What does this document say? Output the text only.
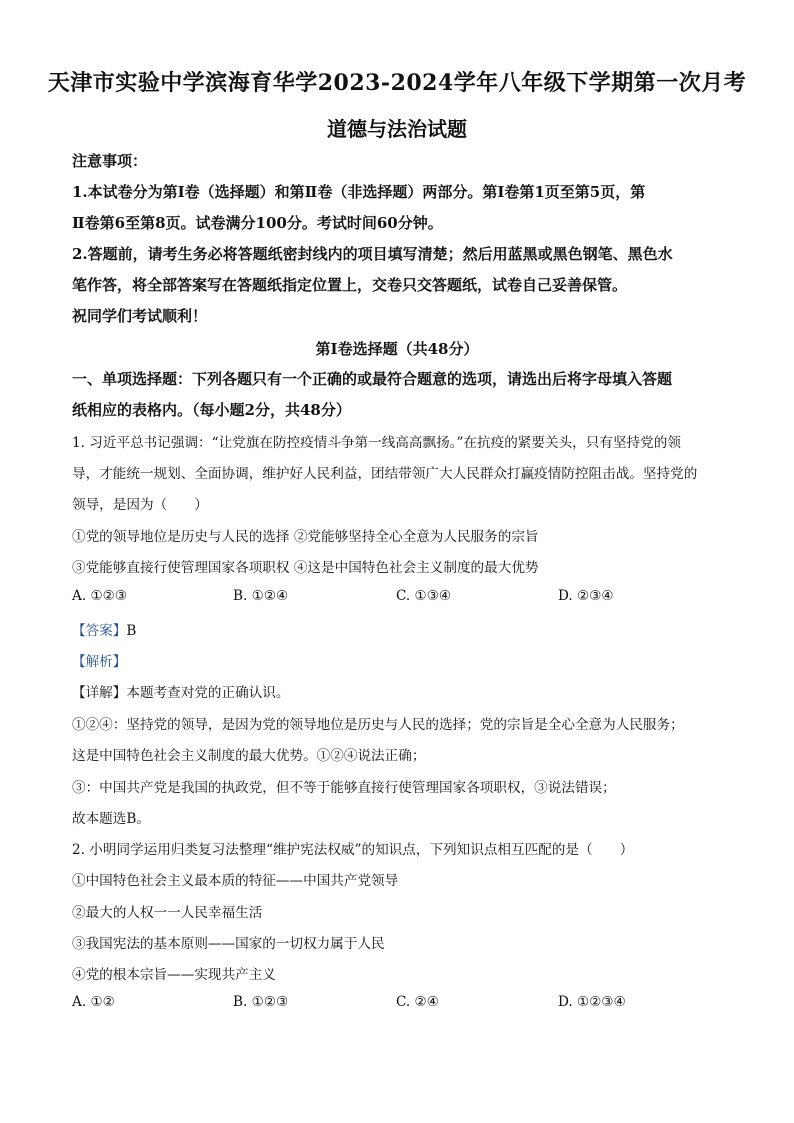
天津市实验中学滨海育华学2023-2024学年八年级下学期第一次月考
道德与法治试题
注意事项：
1.本试卷分为第Ⅰ卷（选择题）和第Ⅱ卷（非选择题）两部分。第Ⅰ卷第1页至第5页，第
Ⅱ卷第6至第8页。试卷满分100分。考试时间60分钟。
2.答题前，请考生务必将答题纸密封线内的项目填写清楚；然后用蓝黑或黑色钢笔、黑色水
笔作答，将全部答案写在答题纸指定位置上，交卷只交答题纸，试卷自己妥善保管。
祝同学们考试顺利！
第Ⅰ卷选择题（共48分）
一、单项选择题：下列各题只有一个正确的或最符合题意的选项，请选出后将字母填入答题
纸相应的表格内。（每小题2分，共48分）
1. 习近平总书记强调：“让党旗在防控疫情斗争第一线高高飘扬。”在抗疫的紧要关头，只有坚持党的领
导，才能统一规划、全面协调，维护好人民利益，团结带领广大人民群众打赢疫情防控阻击战。坚持党的
领导，是因为（　　）
①党的领导地位是历史与人民的选择 ②党能够坚持全心全意为人民服务的宗旨
③党能够直接行使管理国家各项职权 ④这是中国特色社会主义制度的最大优势
A. ①②③	B. ①②④	C. ①③④	D. ②③④
【答案】B
【解析】
【详解】本题考查对党的正确认识。
①②④：坚持党的领导，是因为党的领导地位是历史与人民的选择；党的宗旨是全心全意为人民服务；
这是中国特色社会主义制度的最大优势。①②④说法正确；
③：中国共产党是我国的执政党，但不等于能够直接行使管理国家各项职权，③说法错误；
故本题选B。
2. 小明同学运用归类复习法整理“维护宪法权威”的知识点，下列知识点相互匹配的是（　　）
①中国特色社会主义最本质的特征——中国共产党领导
②最大的人权一一人民幸福生活
③我国宪法的基本原则——国家的一切权力属于人民
④党的根本宗旨——实现共产主义
A. ①②	B. ①②③	C. ②④	D. ①②③④
